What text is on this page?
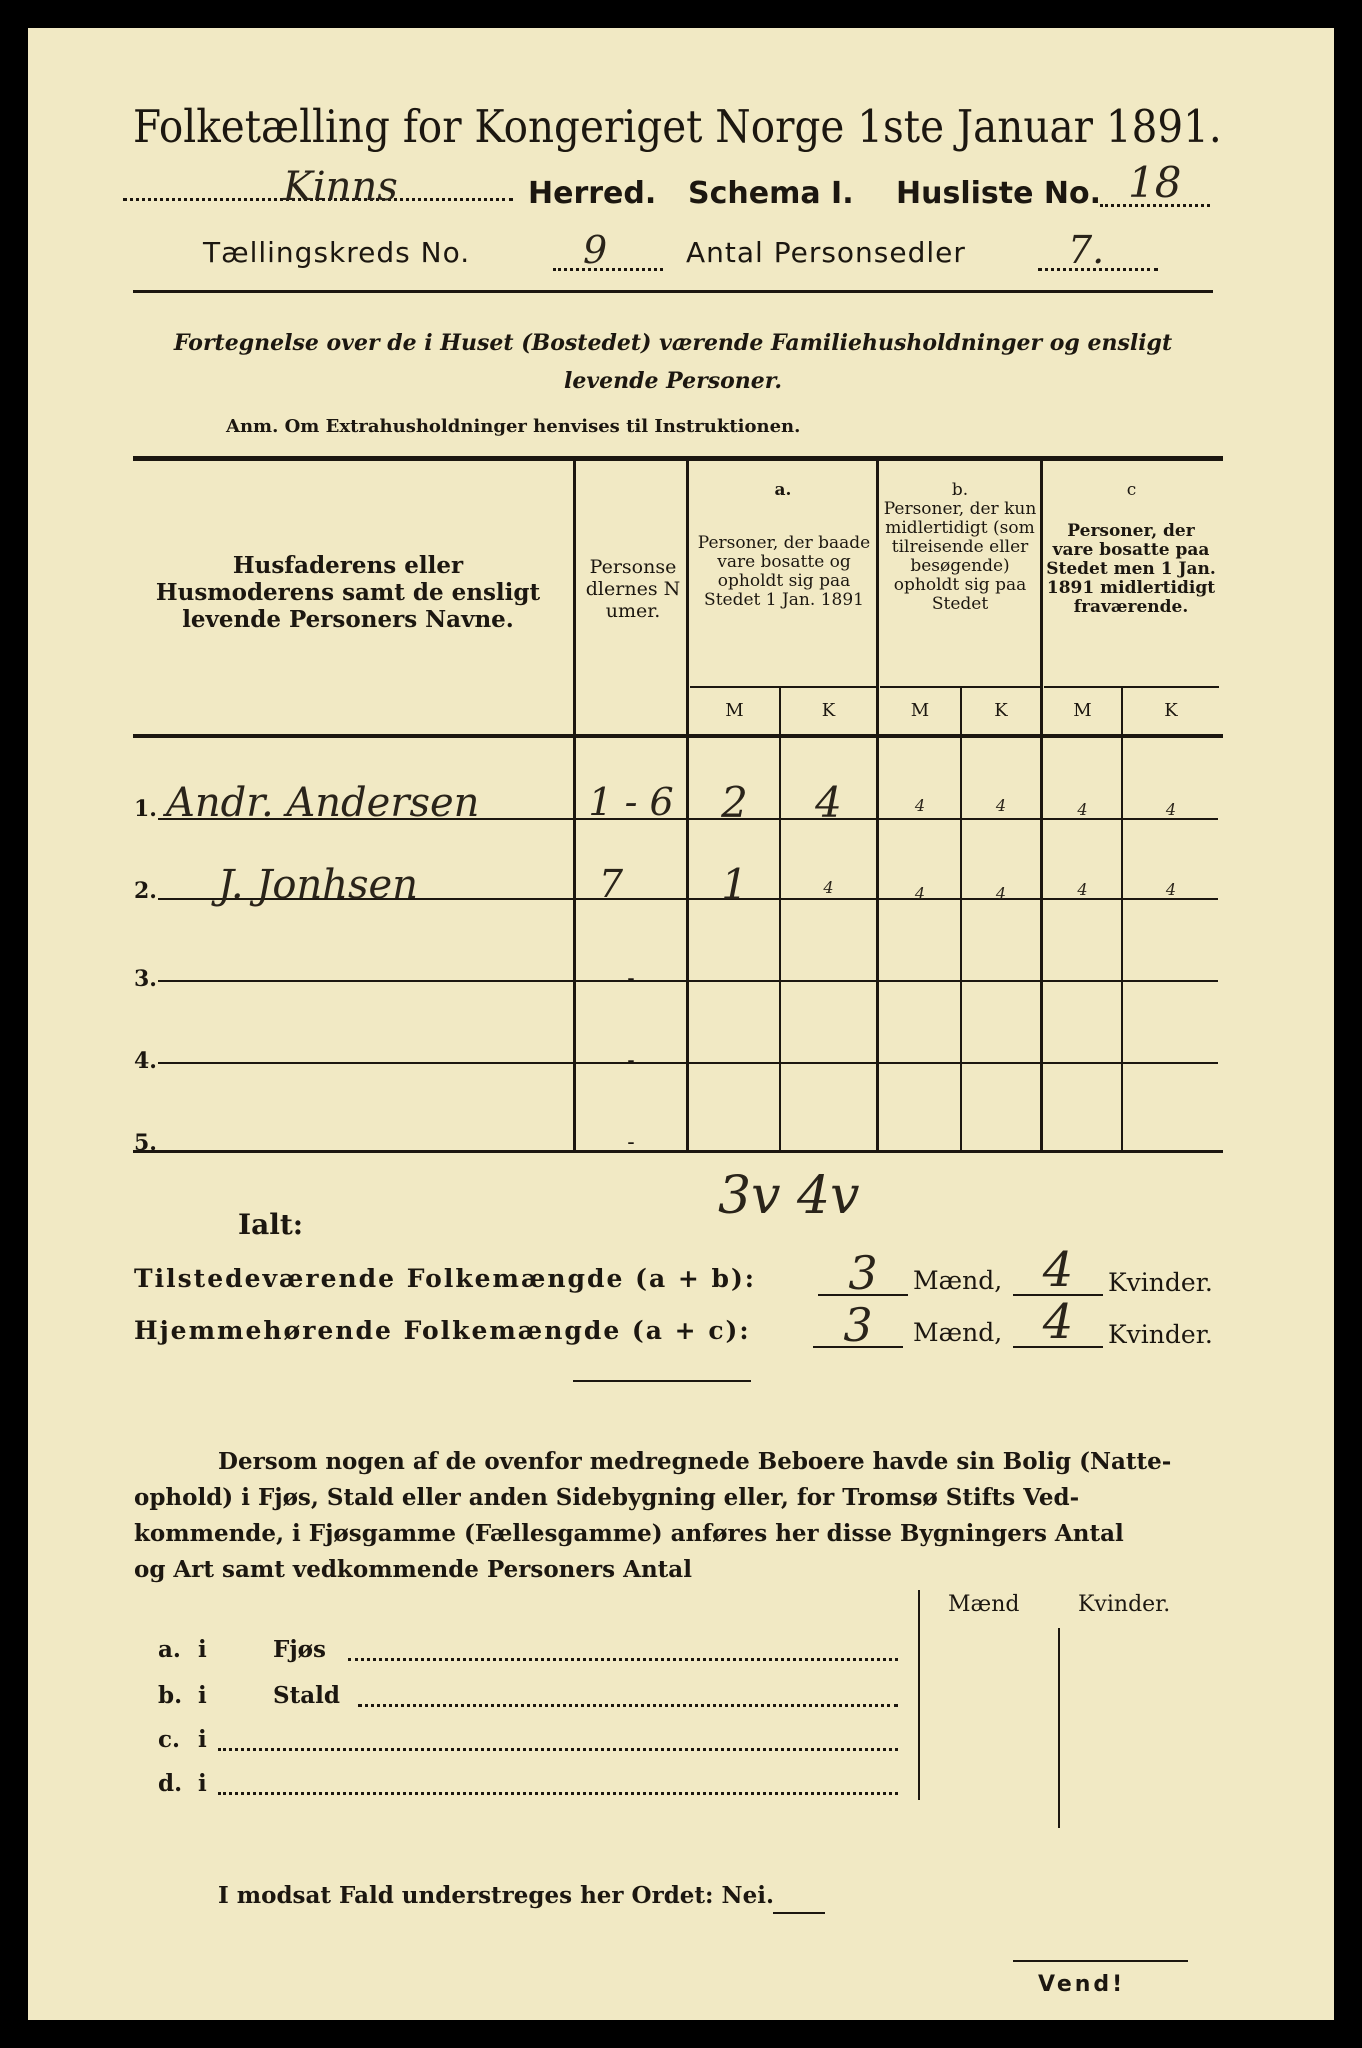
Folketælling for Kongeriget Norge 1ste Januar 1891.
Kinns	Herred. Schema I. Husliste No. 18
Tællingskreds No.	9	Antal Personsedler	7.
Fortegnelse over de i Huset (Bostedet) værende Familiehusholdninger og ensligt
levende Personer.
Anm. Om Extrahusholdninger henvises til Instruktionen.
Husfaderens eller Husmoderens samt de ensligt levende Personers Navne.
Personsedlernes Numer.
a.
Personer, der baade vare bosatte og opholdt sig paa Stedet 1 Jan. 1891
b.
Personer, der kun midlertidigt (som tilreisende eller besøgende) opholdt sig paa Stedet
c
Personer, der vare bosatte paa Stedet men 1 Jan. 1891 midlertidigt fraværende.
M	K	M	K	M	K
1. Andr. Andersen	1 - 6	2	4	4	4	4	4
2. J. Jonhsen	7	1	4	4	4	4	4
3.	-
4.	-
5.	-
Ialt:	3v 4v
Tilstedeværende Folkemængde (a + b):	3	Mænd, 4	Kvinder.
Hjemmehørende Folkemængde (a + c):	3	Mænd, 4	Kvinder.
Dersom nogen af de ovenfor medregnede Beboere havde sin Bolig (Natte-
ophold) i Fjøs, Stald eller anden Sidebygning eller, for Tromsø Stifts Ved-
kommende, i Fjøsgamme (Fællesgamme) anføres her disse Bygningers Antal
og Art samt vedkommende Personers Antal
Mænd	Kvinder.
a. i	Fjøs
b. i	Stald
c. i
d. i
I modsat Fald understreges her Ordet: Nei.
Vend!
